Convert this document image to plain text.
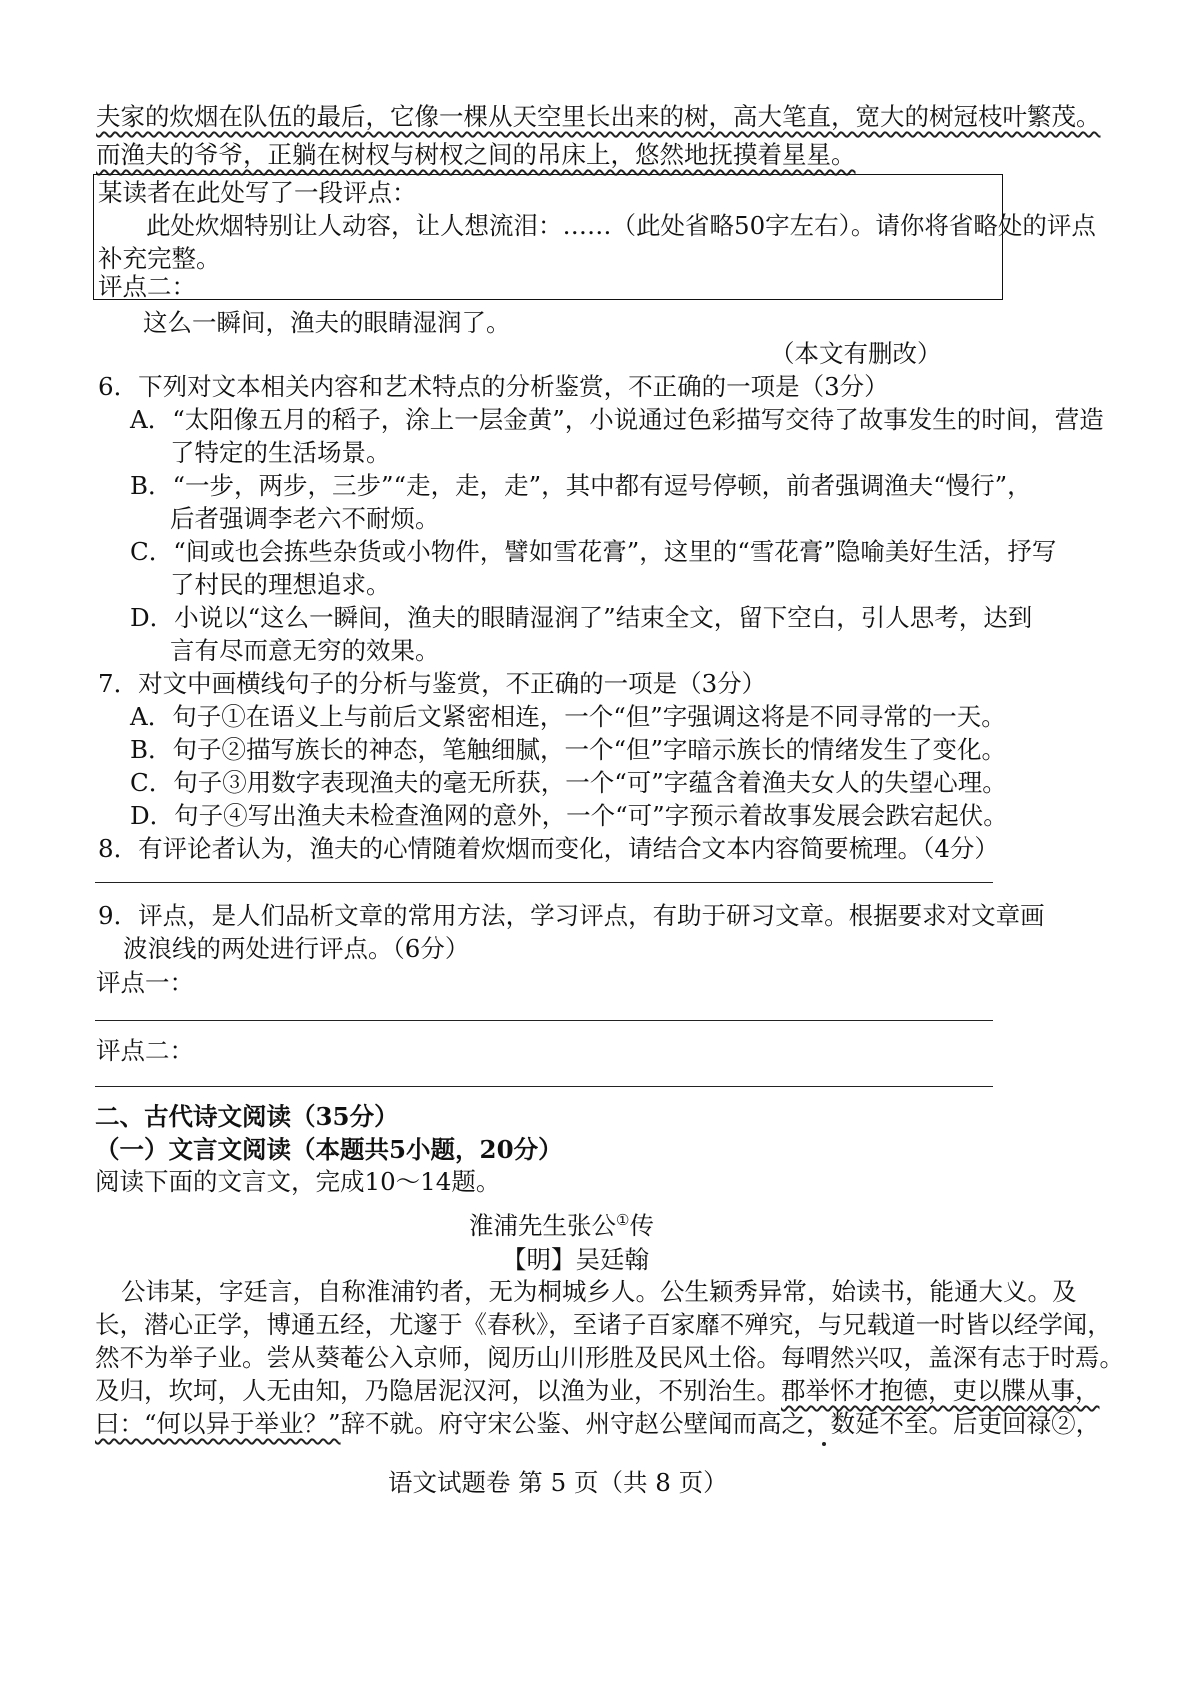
夫家的炊烟在队伍的最后，它像一棵从天空里长出来的树，高大笔直，宽大的树冠枝叶繁茂。
而渔夫的爷爷，正躺在树杈与树杈之间的吊床上，悠然地抚摸着星星。
某读者在此处写了一段评点：
此处炊烟特别让人动容，让人想流泪：……（此处省略50字左右）。请你将省略处的评点
补充完整。
评点二：
这么一瞬间，渔夫的眼睛湿润了。
（本文有删改）
6．下列对文本相关内容和艺术特点的分析鉴赏，不正确的一项是（3分）
A．“太阳像五月的稻子，涂上一层金黄”，小说通过色彩描写交待了故事发生的时间，营造
了特定的生活场景。
B．“一步，两步，三步”“走，走，走”，其中都有逗号停顿，前者强调渔夫“慢行”，
后者强调李老六不耐烦。
C．“间或也会拣些杂货或小物件，譬如雪花膏”，这里的“雪花膏”隐喻美好生活，抒写
了村民的理想追求。
D．小说以“这么一瞬间，渔夫的眼睛湿润了”结束全文，留下空白，引人思考，达到
言有尽而意无穷的效果。
7．对文中画横线句子的分析与鉴赏，不正确的一项是（3分）
A．句子①在语义上与前后文紧密相连，一个“但”字强调这将是不同寻常的一天。
B．句子②描写族长的神态，笔触细腻，一个“但”字暗示族长的情绪发生了变化。
C．句子③用数字表现渔夫的毫无所获，一个“可”字蕴含着渔夫女人的失望心理。
D．句子④写出渔夫未检查渔网的意外，一个“可”字预示着故事发展会跌宕起伏。
8．有评论者认为，渔夫的心情随着炊烟而变化，请结合文本内容简要梳理。（4分）
9．评点，是人们品析文章的常用方法，学习评点，有助于研习文章。根据要求对文章画
波浪线的两处进行评点。（6分）
评点一：
评点二：
二、古代诗文阅读（35分）
（一）文言文阅读（本题共5小题，20分）
阅读下面的文言文，完成10～14题。
淮浦先生张公①传
【明】吴廷翰
公讳某，字廷言，自称淮浦钓者，无为桐城乡人。公生颖秀异常，始读书，能通大义。及
长，潜心正学，博通五经，尤邃于《春秋》，至诸子百家靡不殚究，与兄载道一时皆以经学闻，
然不为举子业。尝从葵菴公入京师，阅历山川形胜及民风土俗。每喟然兴叹，盖深有志于时焉。
及归，坎坷，人无由知，乃隐居泥汉河，以渔为业，不别治生。郡举怀才抱德，吏以牒从事，
曰：“何以异于举业？”辞不就。府守宋公鉴、州守赵公壁闻而高之，数延不至。后吏回禄②，
语文试题卷 第 5 页（共 8 页）
